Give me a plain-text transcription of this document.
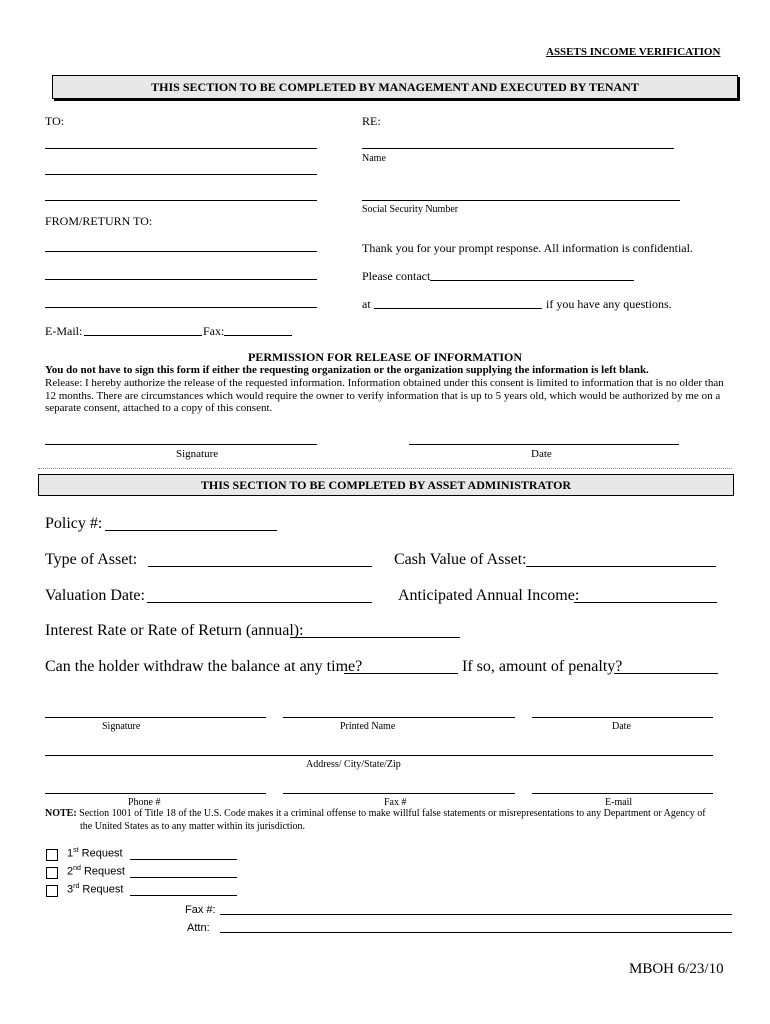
ASSETS INCOME VERIFICATION
THIS SECTION TO BE COMPLETED BY MANAGEMENT AND EXECUTED BY TENANT
TO:	RE:
Name
Social Security Number
FROM/RETURN TO:
Thank you for your prompt response. All information is confidential.
Please contact
at	if you have any questions.
E-Mail:	Fax:
PERMISSION FOR RELEASE OF INFORMATION
You do not have to sign this form if either the requesting organization or the organization supplying the information is left blank.
Release: I hereby authorize the release of the requested information. Information obtained under this consent is limited to information that is no older than 12 months. There are circumstances which would require the owner to verify information that is up to 5 years old, which would be authorized by me on a separate consent, attached to a copy of this consent.
Signature	Date
THIS SECTION TO BE COMPLETED BY ASSET ADMINISTRATOR
Policy #:
Type of Asset:	Cash Value of Asset:
Valuation Date:	Anticipated Annual Income:
Interest Rate or Rate of Return (annual):
Can the holder withdraw the balance at any time?	If so, amount of penalty?
Signature	Printed Name	Date
Address/ City/State/Zip
Phone #	Fax #	E-mail
NOTE: Section 1001 of Title 18 of the U.S. Code makes it a criminal offense to make willful false statements or misrepresentations to any Department or Agency of
the United States as to any matter within its jurisdiction.
1st Request
2nd Request
3rd Request
Fax #:
Attn:
MBOH 6/23/10
